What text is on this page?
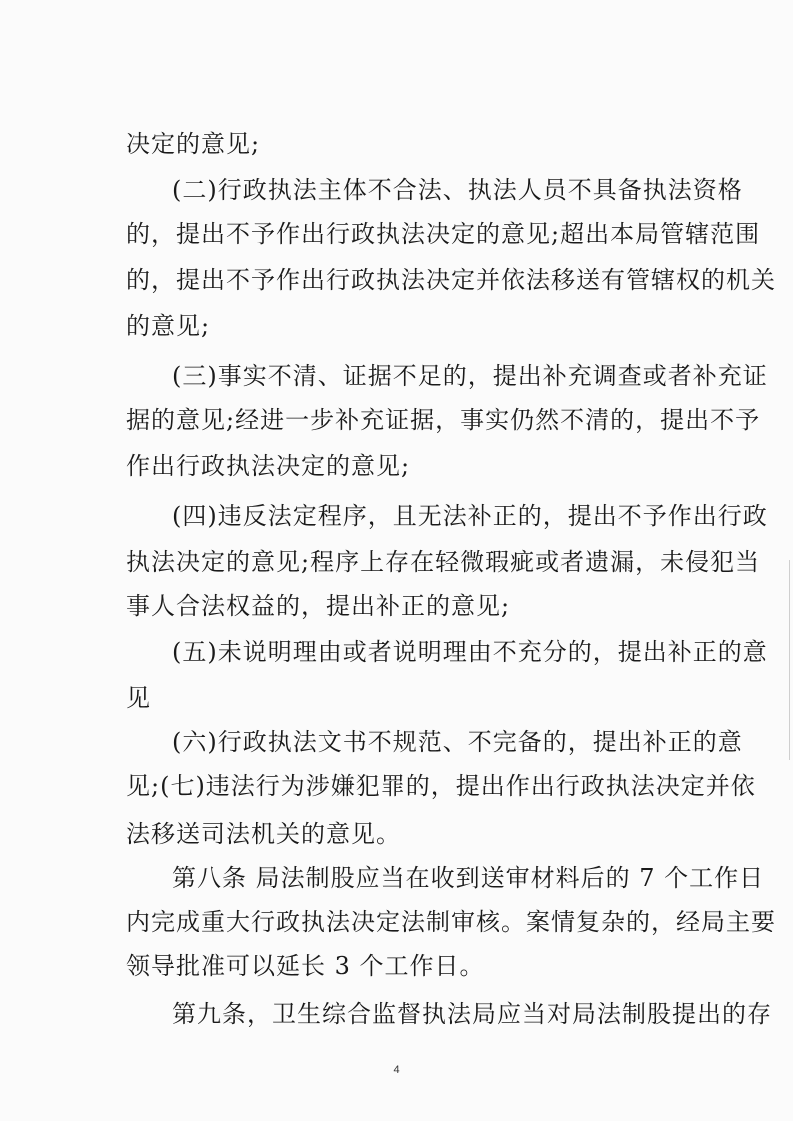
决定的意见;
(二)行政执法主体不合法、执法人员不具备执法资格
的，提出不予作出行政执法决定的意见;超出本局管辖范围
的，提出不予作出行政执法决定并依法移送有管辖权的机关
的意见;
(三)事实不清、证据不足的，提出补充调查或者补充证
据的意见;经进一步补充证据，事实仍然不清的，提出不予
作出行政执法决定的意见;
(四)违反法定程序，且无法补正的，提出不予作出行政
执法决定的意见;程序上存在轻微瑕疵或者遗漏，未侵犯当
事人合法权益的，提出补正的意见;
(五)未说明理由或者说明理由不充分的，提出补正的意
见
(六)行政执法文书不规范、不完备的，提出补正的意
见;(七)违法行为涉嫌犯罪的，提出作出行政执法决定并依
法移送司法机关的意见。
第八条 局法制股应当在收到送审材料后的 7 个工作日
内完成重大行政执法决定法制审核。案情复杂的，经局主要
领导批准可以延长 3 个工作日。
第九条，卫生综合监督执法局应当对局法制股提出的存
4
